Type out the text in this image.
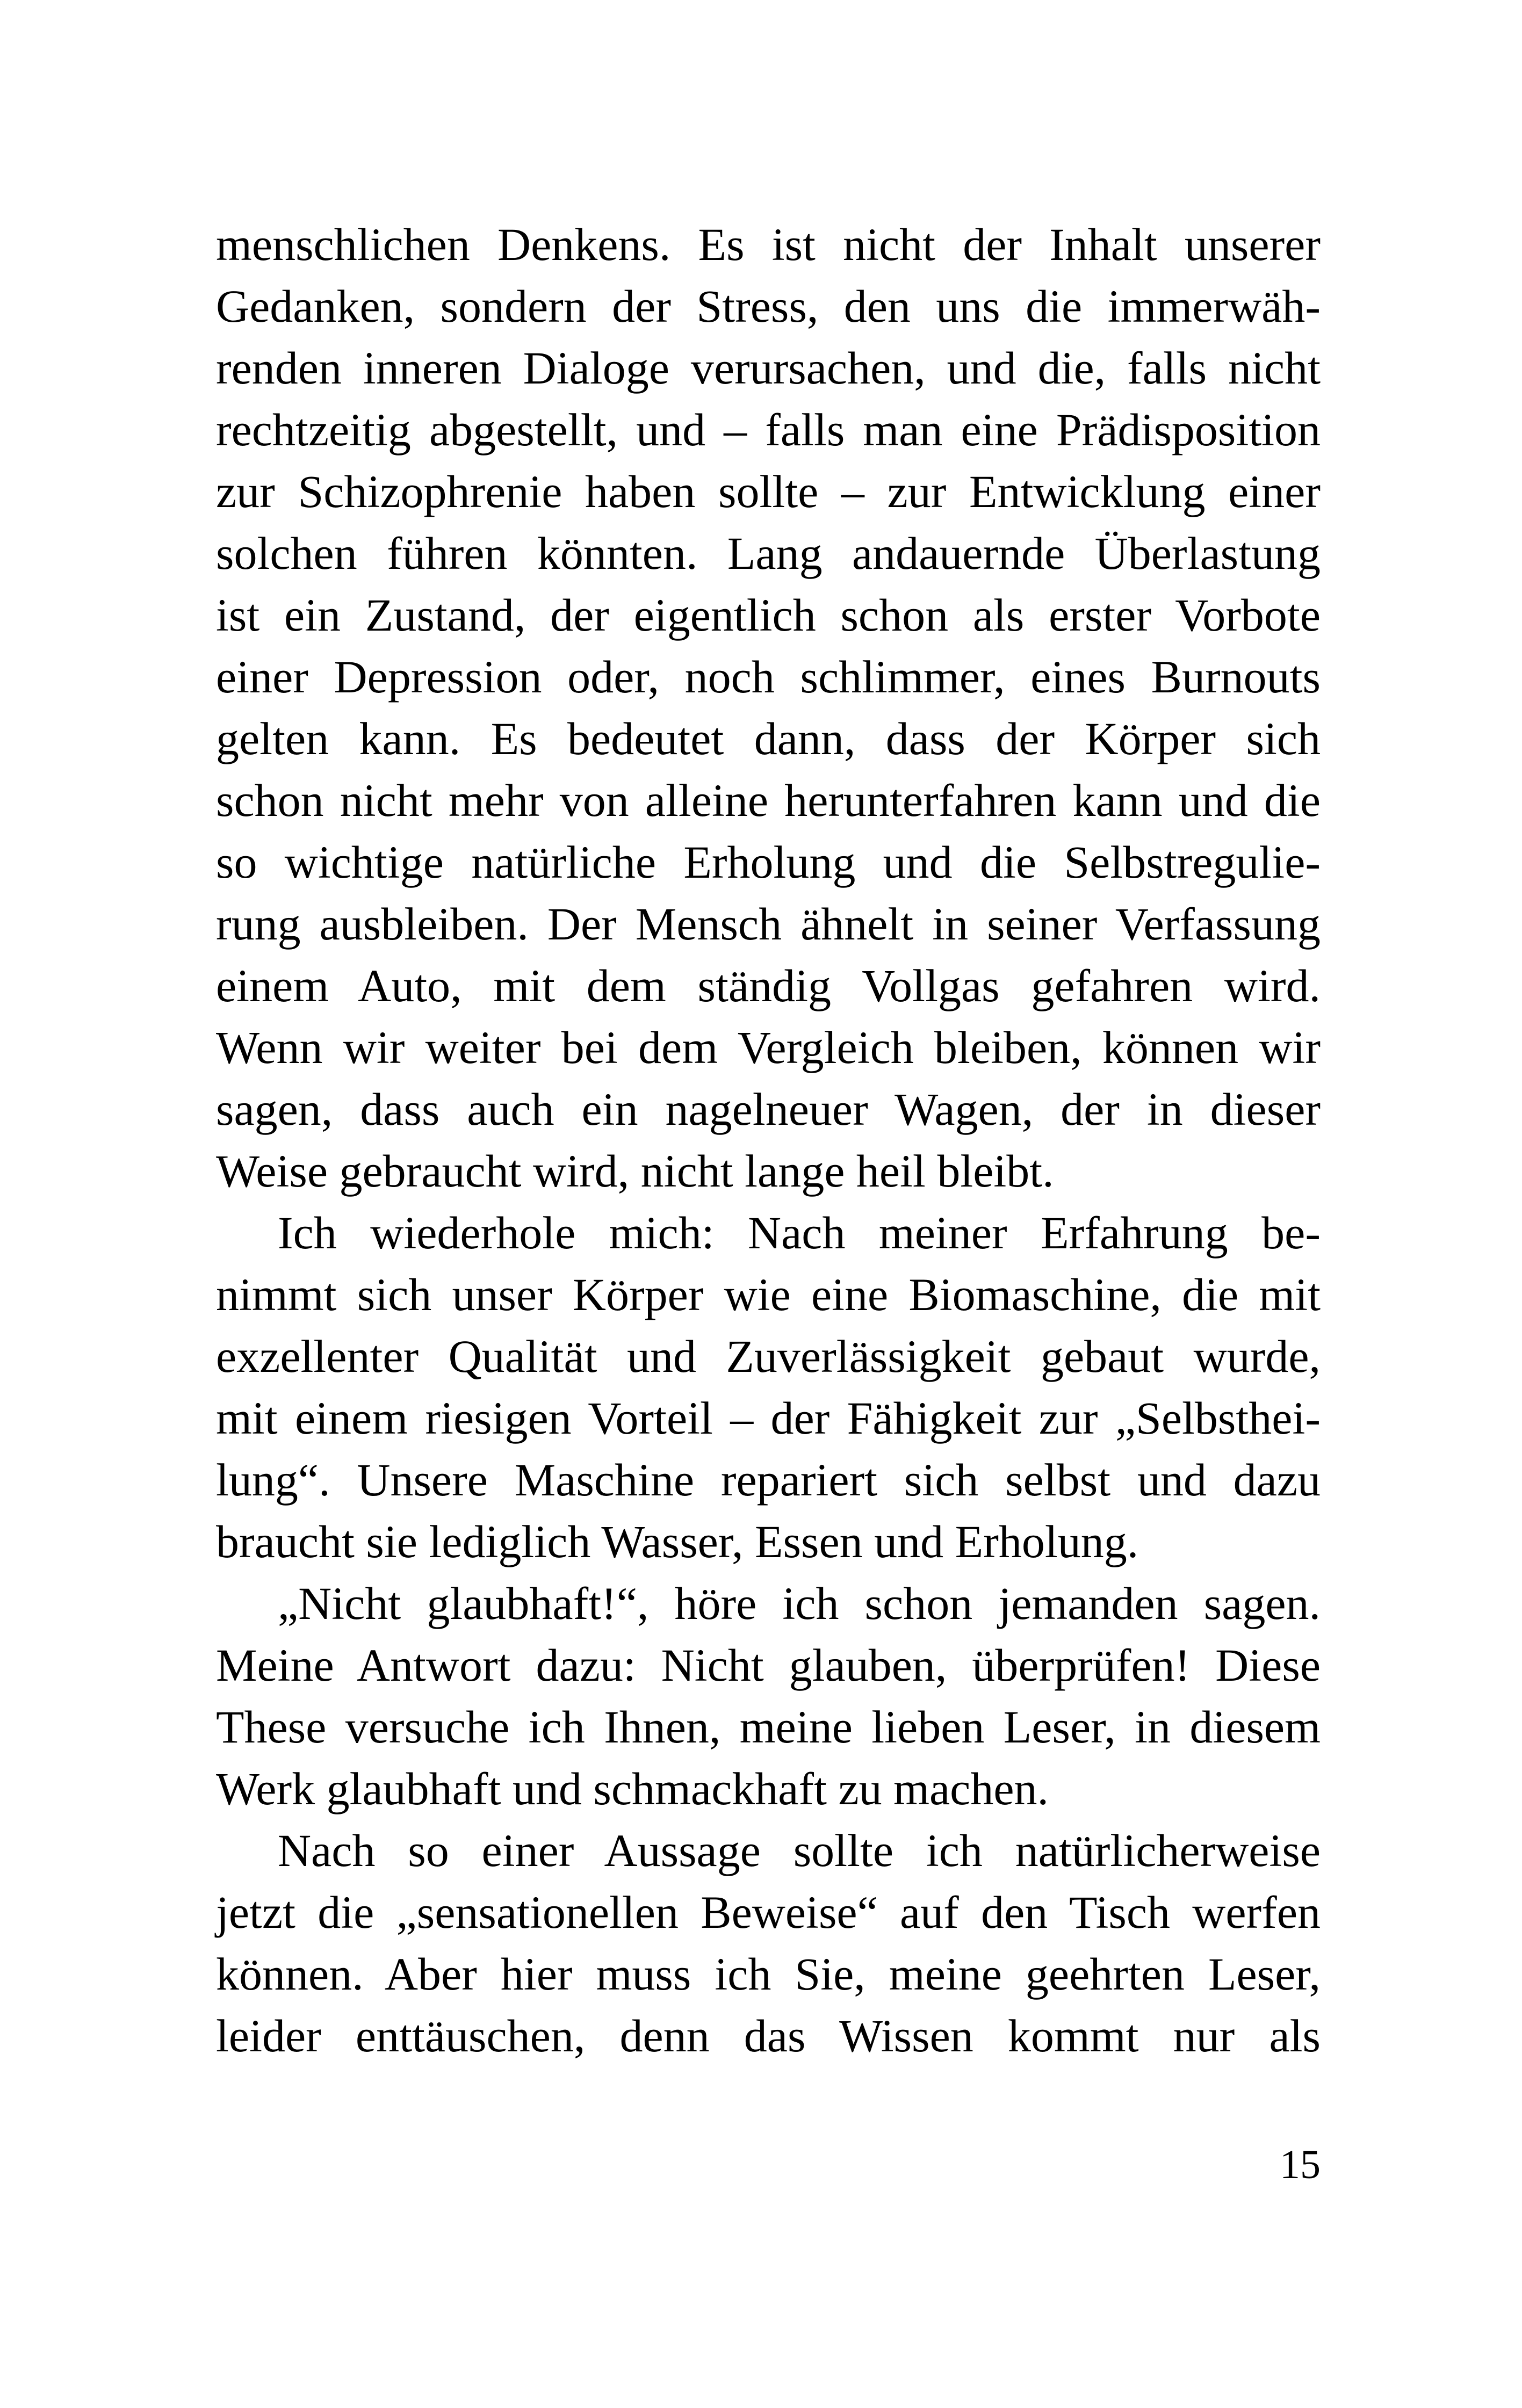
menschlichen Denkens. Es ist nicht der Inhalt unserer
Gedanken, sondern der Stress, den uns die immerwäh-
renden inneren Dialoge verursachen, und die, falls nicht
rechtzeitig abgestellt, und – falls man eine Prädisposition
zur Schizophrenie haben sollte – zur Entwicklung einer
solchen führen könnten. Lang andauernde Überlastung
ist ein Zustand, der eigentlich schon als erster Vorbote
einer Depression oder, noch schlimmer, eines Burnouts
gelten kann. Es bedeutet dann, dass der Körper sich
schon nicht mehr von alleine herunterfahren kann und die
so wichtige natürliche Erholung und die Selbstregulie-
rung ausbleiben. Der Mensch ähnelt in seiner Verfassung
einem Auto, mit dem ständig Vollgas gefahren wird.
Wenn wir weiter bei dem Vergleich bleiben, können wir
sagen, dass auch ein nagelneuer Wagen, der in dieser
Weise gebraucht wird, nicht lange heil bleibt.
Ich wiederhole mich: Nach meiner Erfahrung be-
nimmt sich unser Körper wie eine Biomaschine, die mit
exzellenter Qualität und Zuverlässigkeit gebaut wurde,
mit einem riesigen Vorteil – der Fähigkeit zur „Selbsthei-
lung“. Unsere Maschine repariert sich selbst und dazu
braucht sie lediglich Wasser, Essen und Erholung.
„Nicht glaubhaft!“, höre ich schon jemanden sagen.
Meine Antwort dazu: Nicht glauben, überprüfen! Diese
These versuche ich Ihnen, meine lieben Leser, in diesem
Werk glaubhaft und schmackhaft zu machen.
Nach so einer Aussage sollte ich natürlicherweise
jetzt die „sensationellen Beweise“ auf den Tisch werfen
können. Aber hier muss ich Sie, meine geehrten Leser,
leider enttäuschen, denn das Wissen kommt nur als
15
